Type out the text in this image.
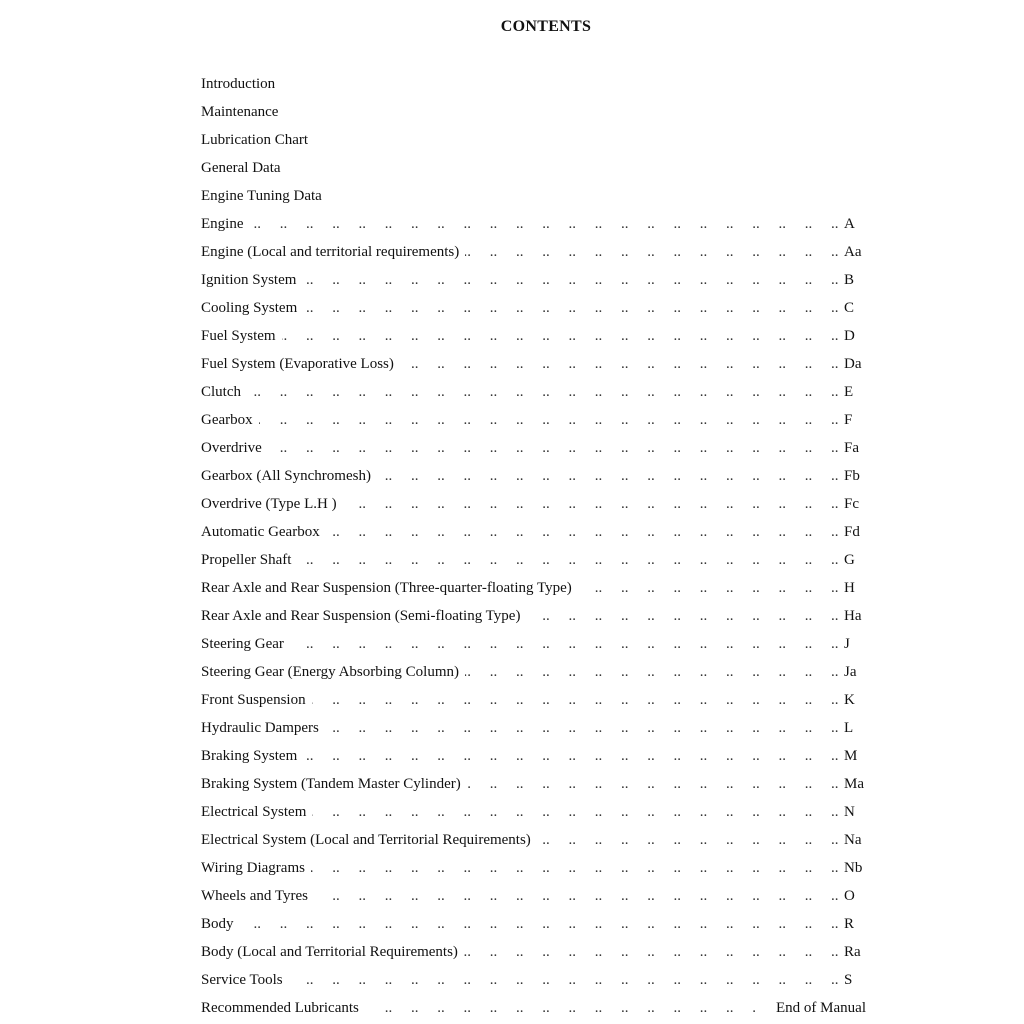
CONTENTS
Introduction
Maintenance
Lubrication Chart
General Data
Engine Tuning Data
..
Engine	A
..
Engine (Local and territorial requirements)	Aa
..
Ignition System	B
..
Cooling System	C
..
Fuel System	D
..
Fuel System (Evaporative Loss)	Da
..
Clutch	E
..
Gearbox	F
..
Overdrive	Fa
..
Gearbox (All Synchromesh)	Fb
..
Overdrive (Type L.H )	Fc
..
Automatic Gearbox	Fd
..
Propeller Shaft	G
..
Rear Axle and Rear Suspension (Three-quarter-floating Type)	H
..
Rear Axle and Rear Suspension (Semi-floating Type)	Ha
..
Steering Gear	J
..
Steering Gear (Energy Absorbing Column)	Ja
..
Front Suspension	K
..
Hydraulic Dampers	L
..
Braking System	M
..
Braking System (Tandem Master Cylinder)	Ma
..
Electrical System	N
..
Electrical System (Local and Territorial Requirements)	Na
..
Wiring Diagrams	Nb
..
Wheels and Tyres	O
..
Body	R
..
Body (Local and Territorial Requirements)	Ra
..
Service Tools	S
..
Recommended Lubricants	End of Manual
